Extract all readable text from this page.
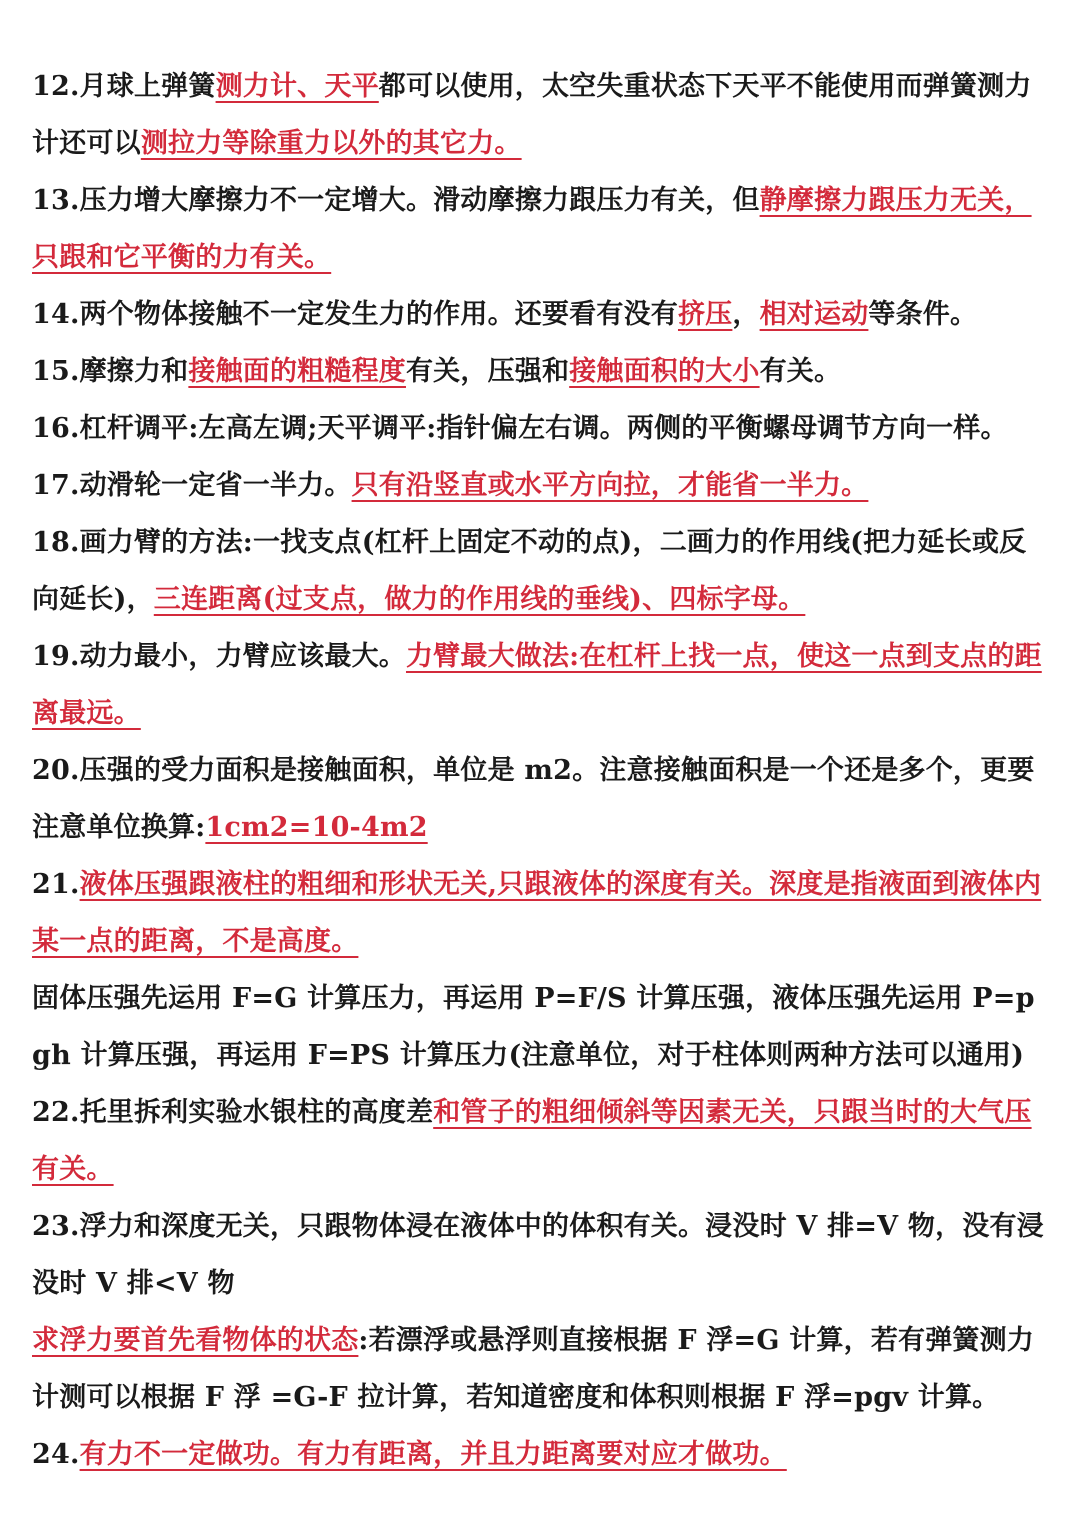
12.月球上弹簧测力计、天平都可以使用，太空失重状态下天平不能使用而弹簧测力计还可以测拉力等除重力以外的其它力。

13.压力增大摩擦力不一定增大。滑动摩擦力跟压力有关，但静摩擦力跟压力无关，只跟和它平衡的力有关。

14.两个物体接触不一定发生力的作用。还要看有没有挤压，相对运动等条件。

15.摩擦力和接触面的粗糙程度有关，压强和接触面积的大小有关。

16.杠杆调平:左高左调;天平调平:指针偏左右调。两侧的平衡螺母调节方向一样。

17.动滑轮一定省一半力。只有沿竖直或水平方向拉，才能省一半力。

18.画力臂的方法:一找支点(杠杆上固定不动的点)，二画力的作用线(把力延长或反向延长)，三连距离(过支点，做力的作用线的垂线)、四标字母。

19.动力最小，力臂应该最大。力臂最大做法:在杠杆上找一点，使这一点到支点的距离最远。

20.压强的受力面积是接触面积，单位是 m2。注意接触面积是一个还是多个，更要注意单位换算:1cm2=10-4m2

21.液体压强跟液柱的粗细和形状无关,只跟液体的深度有关。深度是指液面到液体内某一点的距离，不是高度。

固体压强先运用 F=G 计算压力，再运用 P=F/S 计算压强，液体压强先运用 P=pgh 计算压强，再运用 F=PS 计算压力(注意单位，对于柱体则两种方法可以通用)

22.托里拆利实验水银柱的高度差和管子的粗细倾斜等因素无关，只跟当时的大气压有关。

23.浮力和深度无关，只跟物体浸在液体中的体积有关。浸没时 V 排=V 物，没有浸没时 V 排<V 物

求浮力要首先看物体的状态:若漂浮或悬浮则直接根据 F 浮=G 计算，若有弹簧测力计测可以根据 F 浮 =G-F 拉计算，若知道密度和体积则根据 F 浮=pgv 计算。

24.有力不一定做功。有力有距离，并且力距离要对应才做功。
